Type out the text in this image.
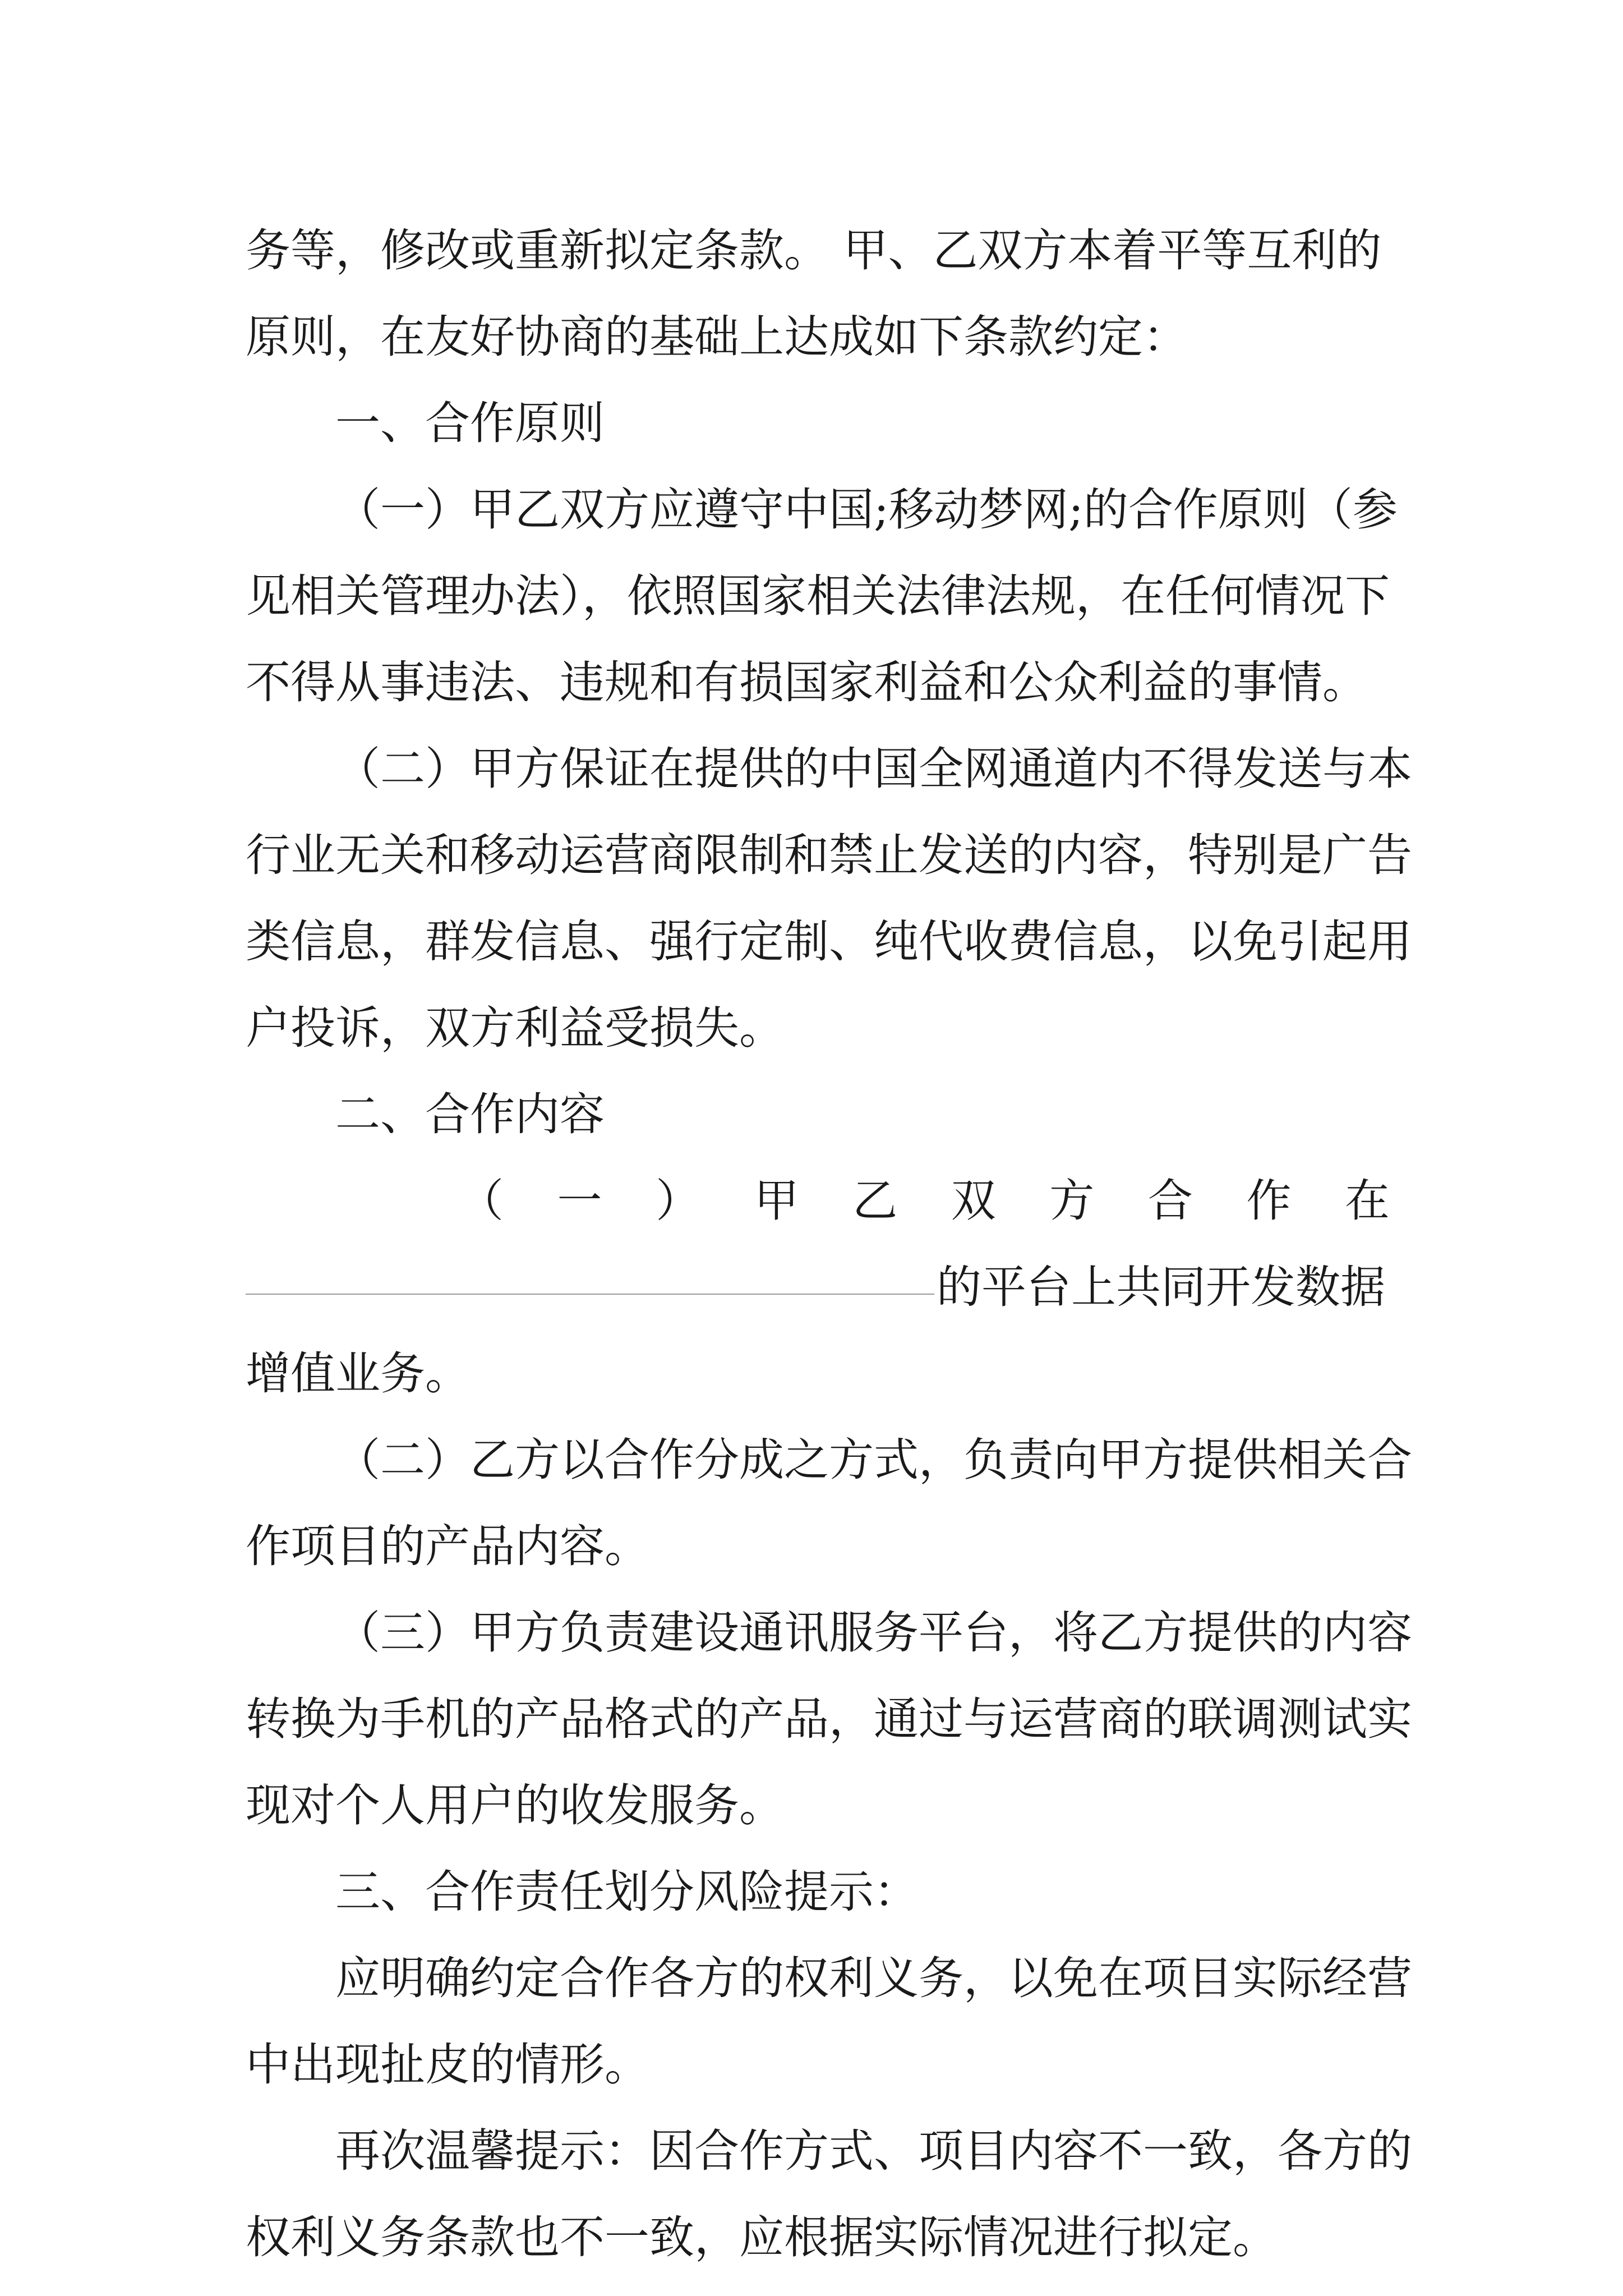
务等，修改或重新拟定条款。 甲、乙双方本着平等互利的
原则，在友好协商的基础上达成如下条款约定：
一、合作原则
（一）甲乙双方应遵守中国;移动梦网;的合作原则（参
见相关管理办法），依照国家相关法律法规，在任何情况下
不得从事违法、违规和有损国家利益和公众利益的事情。
（二）甲方保证在提供的中国全网通道内不得发送与本
行业无关和移动运营商限制和禁止发送的内容，特别是广告
类信息，群发信息、强行定制、纯代收费信息，以免引起用
户投诉，双方利益受损失。
二、合作内容
（ 一 ） 甲 乙 双 方 合 作 在
的平台上共同开发数据
增值业务。
（二）乙方以合作分成之方式，负责向甲方提供相关合
作项目的产品内容。
（三）甲方负责建设通讯服务平台，将乙方提供的内容
转换为手机的产品格式的产品，通过与运营商的联调测试实
现对个人用户的收发服务。
三、合作责任划分风险提示：
应明确约定合作各方的权利义务，以免在项目实际经营
中出现扯皮的情形。
再次温馨提示：因合作方式、项目内容不一致，各方的
权利义务条款也不一致，应根据实际情况进行拟定。
